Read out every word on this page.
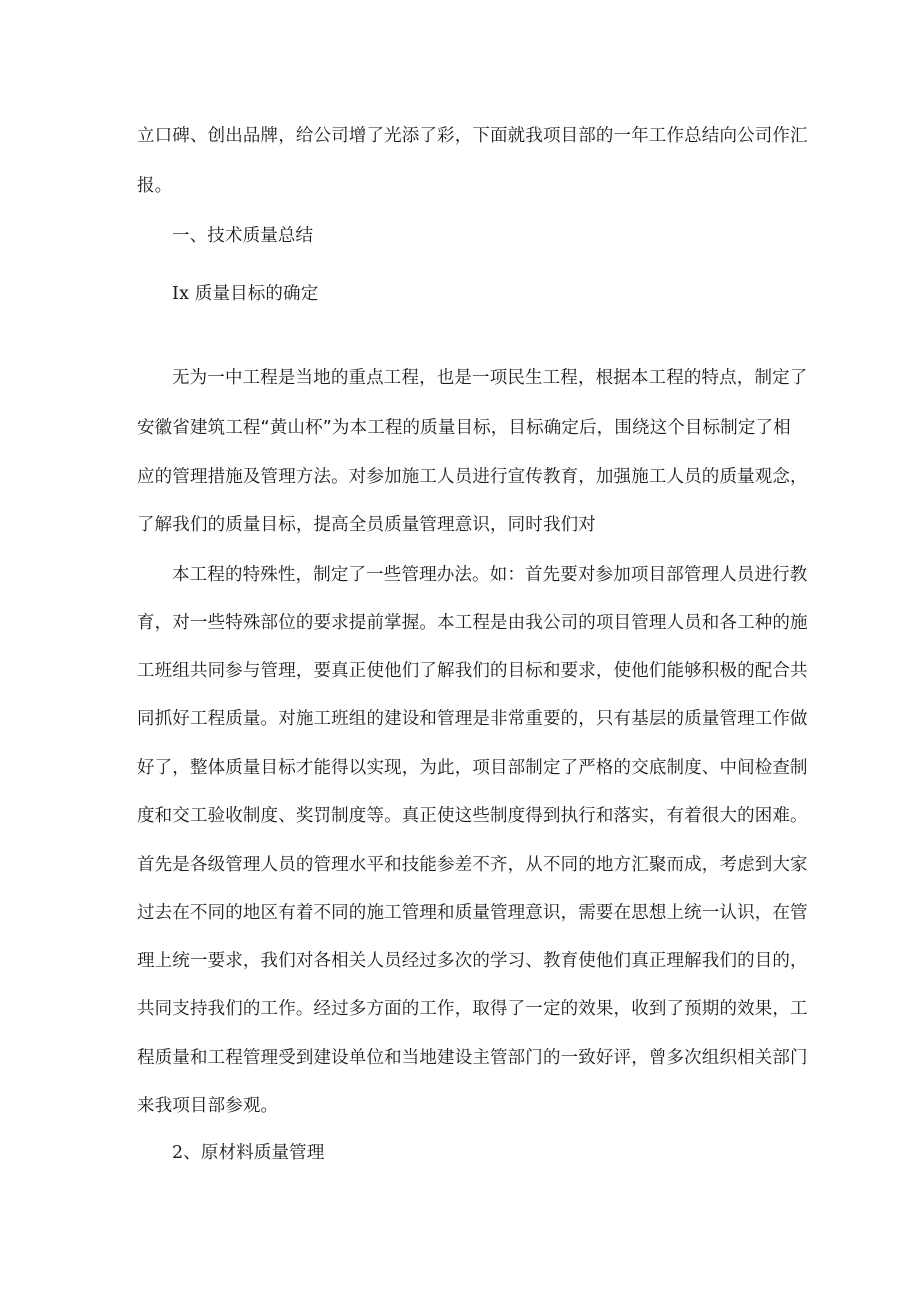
立口碑、创出品牌，给公司增了光添了彩，下面就我项目部的一年工作总结向公司作汇
报。
一、技术质量总结
Ix 质量目标的确定
无为一中工程是当地的重点工程，也是一项民生工程，根据本工程的特点，制定了
安徽省建筑工程“黄山杯”为本工程的质量目标，目标确定后，围绕这个目标制定了相
应的管理措施及管理方法。对参加施工人员进行宣传教育，加强施工人员的质量观念，
了解我们的质量目标，提高全员质量管理意识，同时我们对
本工程的特殊性，制定了一些管理办法。如：首先要对参加项目部管理人员进行教
育，对一些特殊部位的要求提前掌握。本工程是由我公司的项目管理人员和各工种的施
工班组共同参与管理，要真正使他们了解我们的目标和要求，使他们能够积极的配合共
同抓好工程质量。对施工班组的建设和管理是非常重要的，只有基层的质量管理工作做
好了，整体质量目标才能得以实现，为此，项目部制定了严格的交底制度、中间检查制
度和交工验收制度、奖罚制度等。真正使这些制度得到执行和落实，有着很大的困难。
首先是各级管理人员的管理水平和技能参差不齐，从不同的地方汇聚而成，考虑到大家
过去在不同的地区有着不同的施工管理和质量管理意识，需要在思想上统一认识，在管
理上统一要求，我们对各相关人员经过多次的学习、教育使他们真正理解我们的目的，
共同支持我们的工作。经过多方面的工作，取得了一定的效果，收到了预期的效果，工
程质量和工程管理受到建设单位和当地建设主管部门的一致好评，曾多次组织相关部门
来我项目部参观。
2、原材料质量管理
